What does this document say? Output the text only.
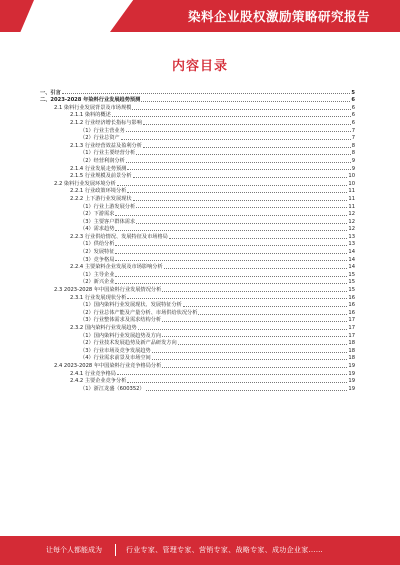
染料企业股权激励策略研究报告
内容目录
一、引言	5
二、2023-2028 年染料行业发展趋势预测	6
2.1 染料行业发展背景及市场规模	6
2.1.1 染料的概述	6
2.1.2 行业经济增长指标与影响	6
（1）行业主营业务	7
（2）行业总资产	7
2.1.3 行业经营效益及盈利分析	8
（1）行业主要经营分析	8
（2）经营利润分析	9
2.1.4 行业发展走势预测	9
2.1.5 行业规模及前景分析	10
2.2 染料行业发展环境分析	10
2.2.1 行业政策环境分析	11
2.2.2 上下游行业发展现状	11
（1）行业上游发展分析	11
（2）下游需求	12
（3）主要客户群体需求	12
（4）需求趋势	12
2.2.3 行业供给情况、发展特征及市场格局	13
（1）供给分析	13
（2）发展特征	14
（3）竞争格局	14
2.2.4 主要染料企业发展及市场影响分析	14
（1）主导企业	15
（2）新兴企业	15
2.3 2023-2028 年中国染料行业发展情况分析	15
2.3.1 行业发展现状分析	16
（1）国内染料行业发展现状、发展特征分析	16
（2）行业总体产能及产量分析、市场供给状况分析	16
（3）行业整体需求及需求结构分析	17
2.3.2 国内染料行业发展趋势	17
（1）国内染料行业发展趋势及方向	17
（2）行业技术发展趋势及新产品研发方向	18
（3）行业市场及竞争发展趋势	18
（4）行业需求前景及市场空间	18
2.4 2023-2028 年中国染料行业竞争格局分析	19
2.4.1 行业竞争格局	19
2.4.2 主要企业竞争分析	19
（1）浙江龙盛（600352）	19
让每个人都能成为	行业专家、管理专家、营销专家、战略专家、成功企业家……
